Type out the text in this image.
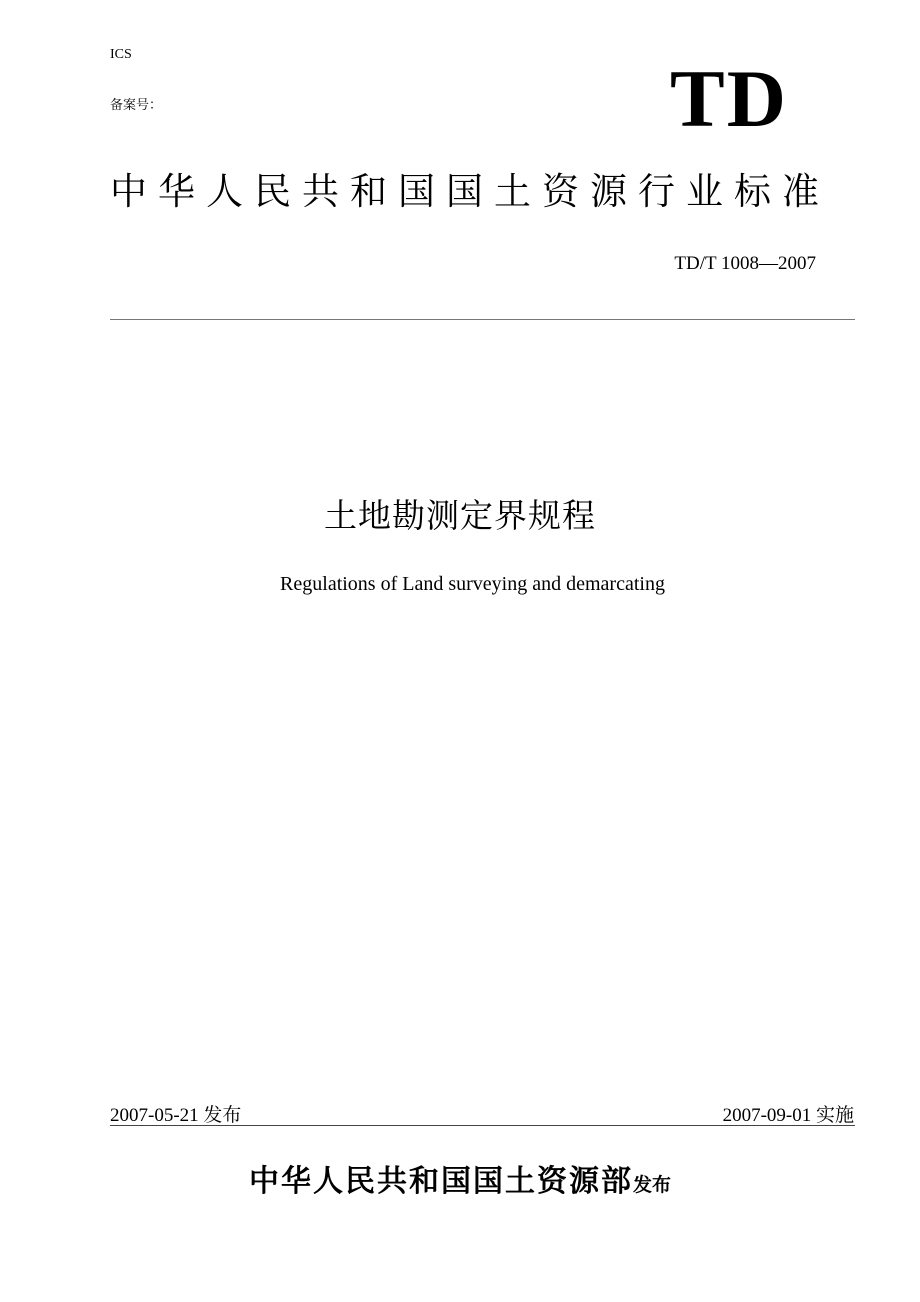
ICS
备案号：	TD
中华人民共和国国土资源行业标准
TD/T 1008—2007
土地勘测定界规程
Regulations of Land surveying and demarcating
2007-05-21 发布	2007-09-01 实施
中华人民共和国国土资源部发布
